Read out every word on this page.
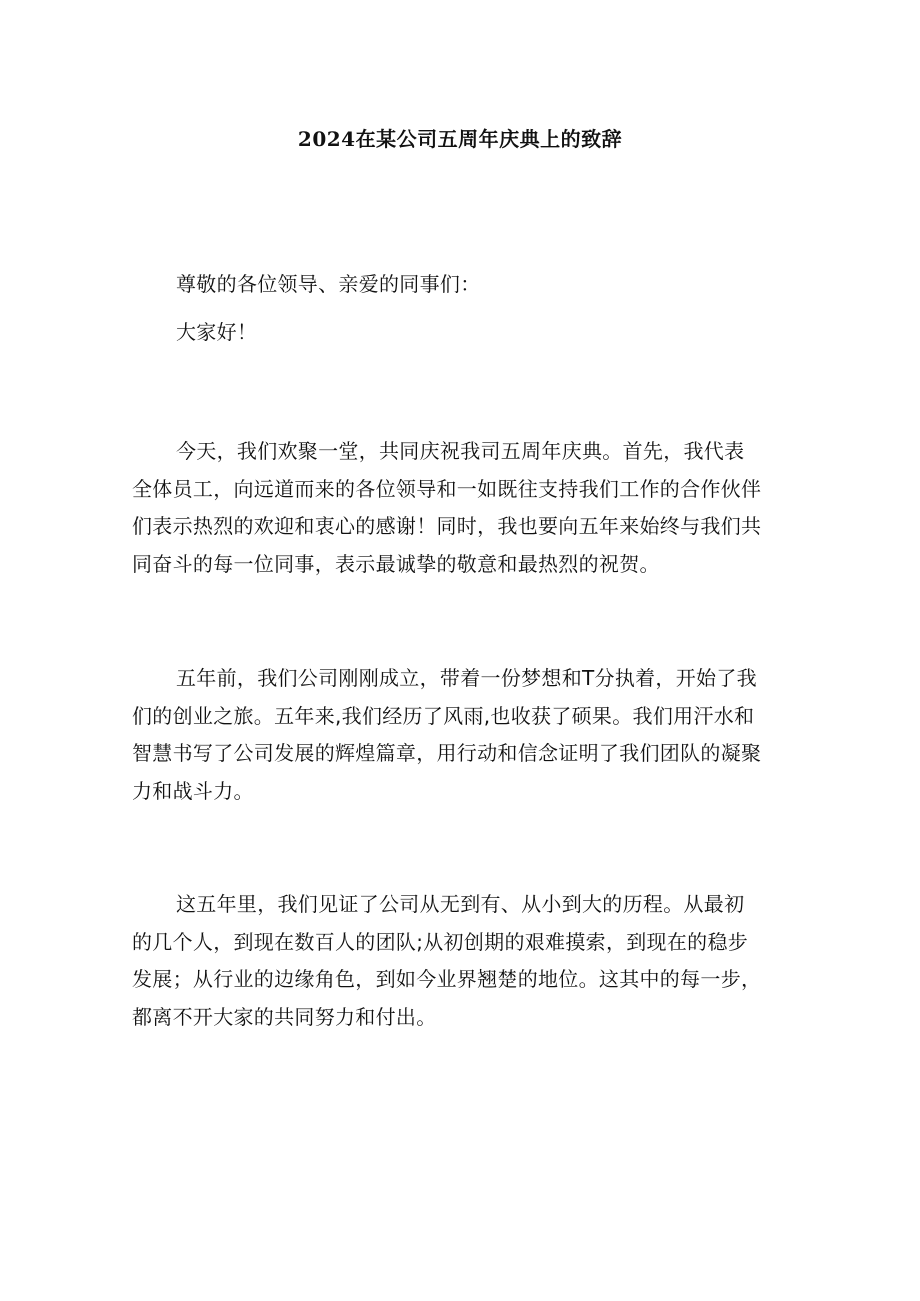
2024在某公司五周年庆典上的致辞
尊敬的各位领导、亲爱的同事们：
大家好！
今天，我们欢聚一堂，共同庆祝我司五周年庆典。首先，我代表
全体员工，向远道而来的各位领导和一如既往支持我们工作的合作伙伴
们表示热烈的欢迎和衷心的感谢！同时，我也要向五年来始终与我们共
同奋斗的每一位同事，表示最诚挚的敬意和最热烈的祝贺。
五年前，我们公司刚刚成立，带着一份梦想和T分执着，开始了我
们的创业之旅。五年来,我们经历了风雨,也收获了硕果。我们用汗水和
智慧书写了公司发展的辉煌篇章，用行动和信念证明了我们团队的凝聚
力和战斗力。
这五年里，我们见证了公司从无到有、从小到大的历程。从最初
的几个人，到现在数百人的团队;从初创期的艰难摸索，到现在的稳步
发展；从行业的边缘角色，到如今业界翘楚的地位。这其中的每一步，
都离不开大家的共同努力和付出。
